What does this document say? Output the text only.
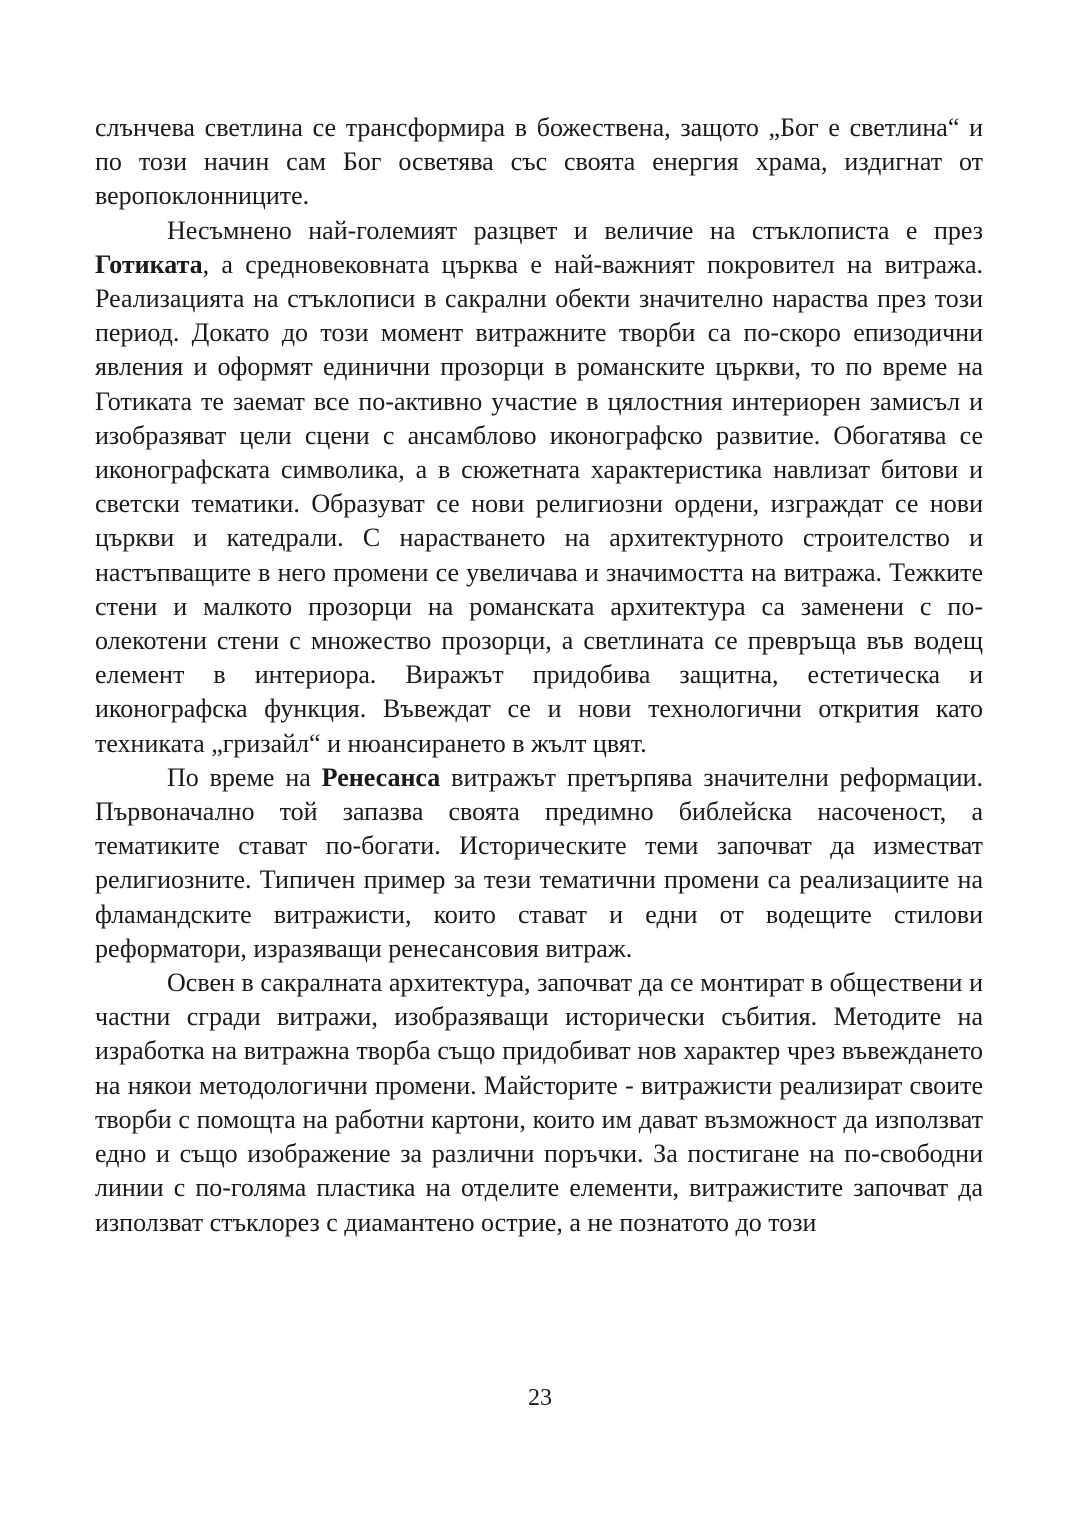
слънчева светлина се трансформира в божествена, защото „Бог е светлина“ и по този начин сам Бог осветява със своята енергия храма, издигнат от веропоклонниците.

Несъмнено най-големият разцвет и величие на стъклописта е през Готиката, а средновековната църква е най-важният покровител на витража. Реализацията на стъклописи в сакрални обекти значително нараства през този период. Докато до този момент витражните творби са по-скоро епизодични явления и оформят единични прозорци в романските църкви, то по време на Готиката те заемат все по-активно участие в цялостния интериорен замисъл и изобразяват цели сцени с ансамблово иконографско развитие. Обогатява се иконографската символика, а в сюжетната характеристика навлизат битови и светски тематики. Образуват се нови религиозни ордени, изграждат се нови църкви и катедрали. С нарастването на архитектурното строителство и настъпващите в него промени се увеличава и значимостта на витража. Тежките стени и малкото прозорци на романската архитектура са заменени с по-олекотени стени с множество прозорци, а светлината се превръща във водещ елемент в интериора. Виражът придобива защитна, естетическа и иконографска функция. Въвеждат се и нови технологични открития като техниката „гризайл“ и нюансирането в жълт цвят.

По време на Ренесанса витражът претърпява значителни реформации. Първоначално той запазва своята предимно библейска насоченост, а тематиките стават по-богати. Историческите теми започват да изместват религиозните. Типичен пример за тези тематични промени са реализациите на фламандските витражисти, които стават и едни от водещите стилови реформатори, изразяващи ренесансовия витраж.

Освен в сакралната архитектура, започват да се монтират в обществени и частни сгради витражи, изобразяващи исторически събития. Методите на изработка на витражна творба също придобиват нов характер чрез въвеждането на някои методологични промени. Майсторите - витражисти реализират своите творби с помощта на работни картони, които им дават възможност да използват едно и също изображение за различни поръчки. За постигане на по-свободни линии с по-голяма пластика на отделите елементи, витражистите започват да използват стъклорез с диамантено острие, а не познатото до този

23
